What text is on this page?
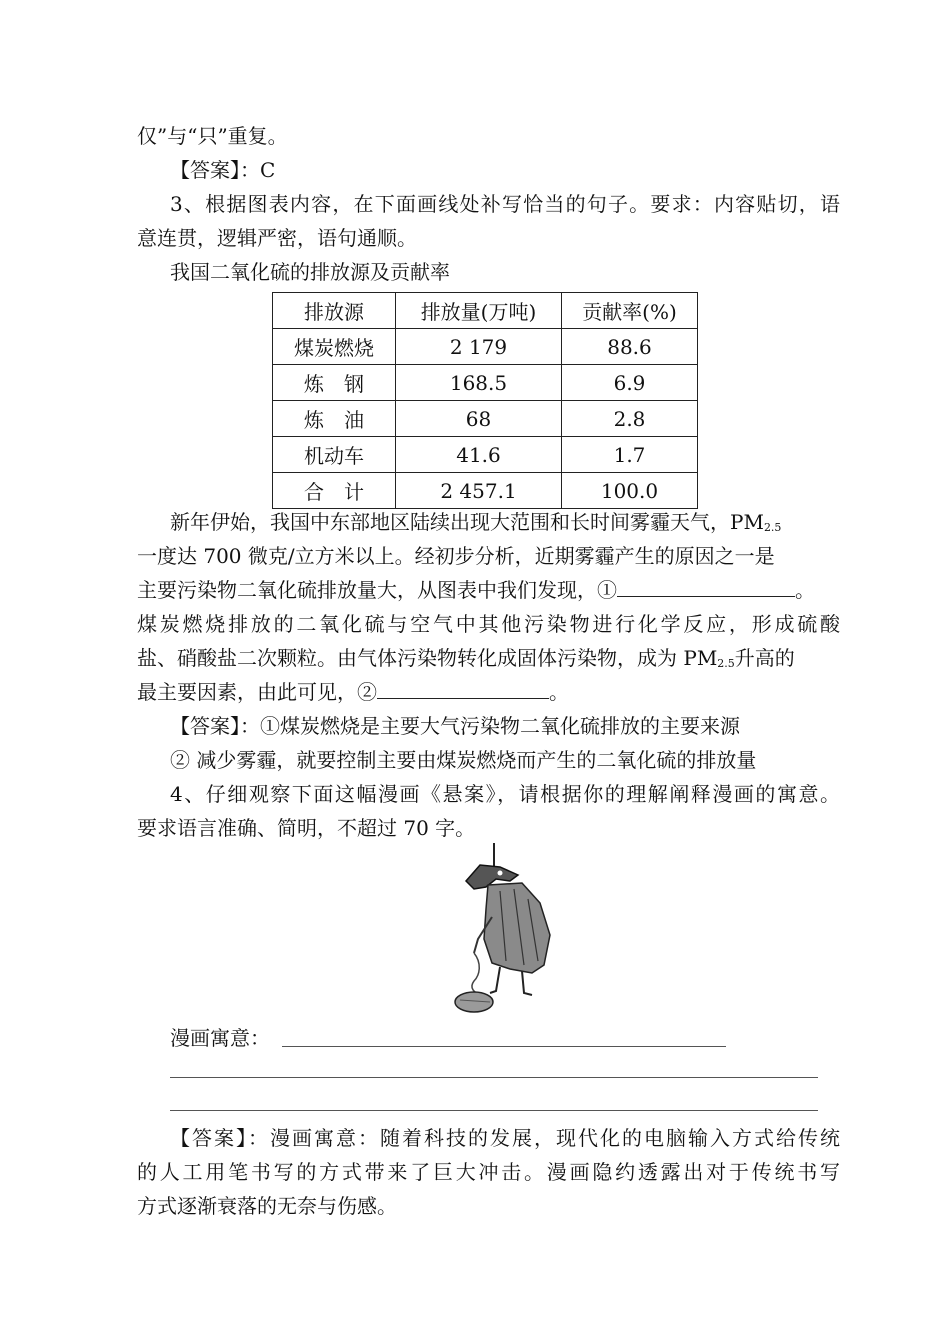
仅”与“只”重复。
【答案】：C
3、根据图表内容，在下面画线处补写恰当的句子。要求：内容贴切，语
意连贯，逻辑严密，语句通顺。
我国二氧化硫的排放源及贡献率
排放源	排放量(万吨)	贡献率(%)
煤炭燃烧	2 179	88.6
炼　钢	168.5	6.9
炼　油	68	2.8
机动车	41.6	1.7
合　计	2 457.1	100.0
新年伊始，我国中东部地区陆续出现大范围和长时间雾霾天气，$PM_{2.5}$
一度达 700 微克/立方米以上。经初步分析，近期雾霾产生的原因之一是
主要污染物二氧化硫排放量大，从图表中我们发现，①	。
煤炭燃烧排放的二氧化硫与空气中其他污染物进行化学反应，形成硫酸
盐、硝酸盐二次颗粒。由气体污染物转化成固体污染物，成为 $PM_{2.5}$升高的
最主要因素，由此可见，②	。
【答案】：①煤炭燃烧是主要大气污染物二氧化硫排放的主要来源
② 减少雾霾，就要控制主要由煤炭燃烧而产生的二氧化硫的排放量
4、仔细观察下面这幅漫画《悬案》，请根据你的理解阐释漫画的寓意。
要求语言准确、简明，不超过 70 字。
漫画寓意：
【答案】：漫画寓意：随着科技的发展，现代化的电脑输入方式给传统
的人工用笔书写的方式带来了巨大冲击。漫画隐约透露出对于传统书写
方式逐渐衰落的无奈与伤感。
